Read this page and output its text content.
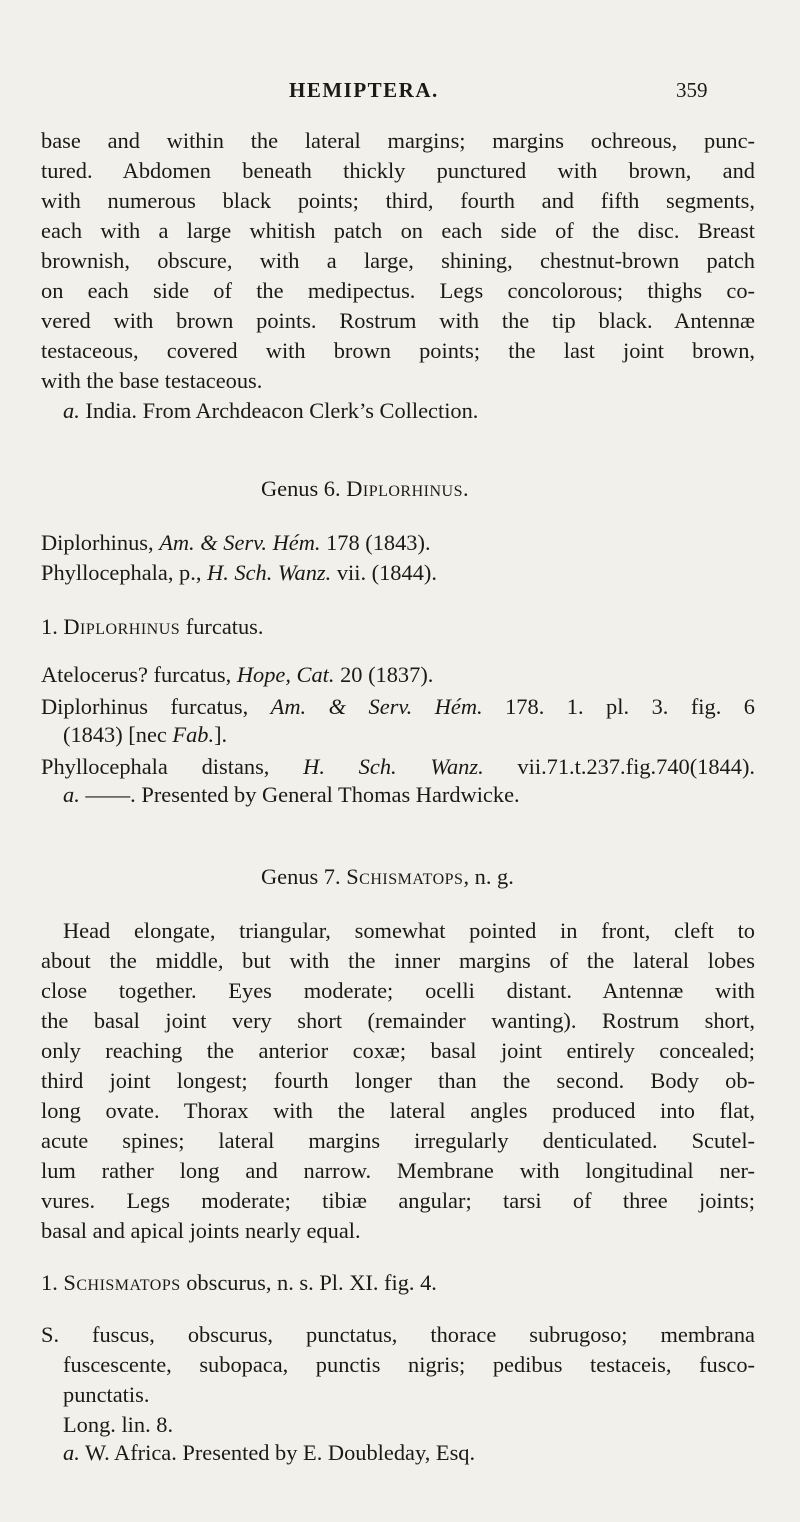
HEMIPTERA.	359

base and within the lateral margins; margins ochreous, punc-

tured. Abdomen beneath thickly punctured with brown, and

with numerous black points; third, fourth and fifth segments,

each with a large whitish patch on each side of the disc. Breast

brownish, obscure, with a large, shining, chestnut-brown patch

on each side of the medipectus. Legs concolorous; thighs co-

vered with brown points. Rostrum with the tip black. Antennæ

testaceous, covered with brown points; the last joint brown,

with the base testaceous.

a. India. From Archdeacon Clerk’s Collection.

Genus 6. Diplorhinus.
Diplorhinus, Am. & Serv. Hém. 178 (1843).
Phyllocephala, p., H. Sch. Wanz. vii. (1844).
1. Diplorhinus furcatus.
Atelocerus? furcatus, Hope, Cat. 20 (1837).

Diplorhinus furcatus, Am. & Serv. Hém. 178. 1. pl. 3. fig. 6

(1843) [nec Fab.].

Phyllocephala distans, H. Sch. Wanz. vii.71.t.237.fig.740(1844).

a. ——. Presented by General Thomas Hardwicke.
Genus 7. Schismatops, n. g.

Head elongate, triangular, somewhat pointed in front, cleft to

about the middle, but with the inner margins of the lateral lobes

close together. Eyes moderate; ocelli distant. Antennæ with

the basal joint very short (remainder wanting). Rostrum short,

only reaching the anterior coxæ; basal joint entirely concealed;

third joint longest; fourth longer than the second. Body ob-

long ovate. Thorax with the lateral angles produced into flat,

acute spines; lateral margins irregularly denticulated. Scutel-

lum rather long and narrow. Membrane with longitudinal ner-

vures. Legs moderate; tibiæ angular; tarsi of three joints;

basal and apical joints nearly equal.

1. Schismatops obscurus, n. s. Pl. XI. fig. 4.

S. fuscus, obscurus, punctatus, thorace subrugoso; membrana

fuscescente, subopaca, punctis nigris; pedibus testaceis, fusco-

punctatis.

Long. lin. 8.

a. W. Africa. Presented by E. Doubleday, Esq.
